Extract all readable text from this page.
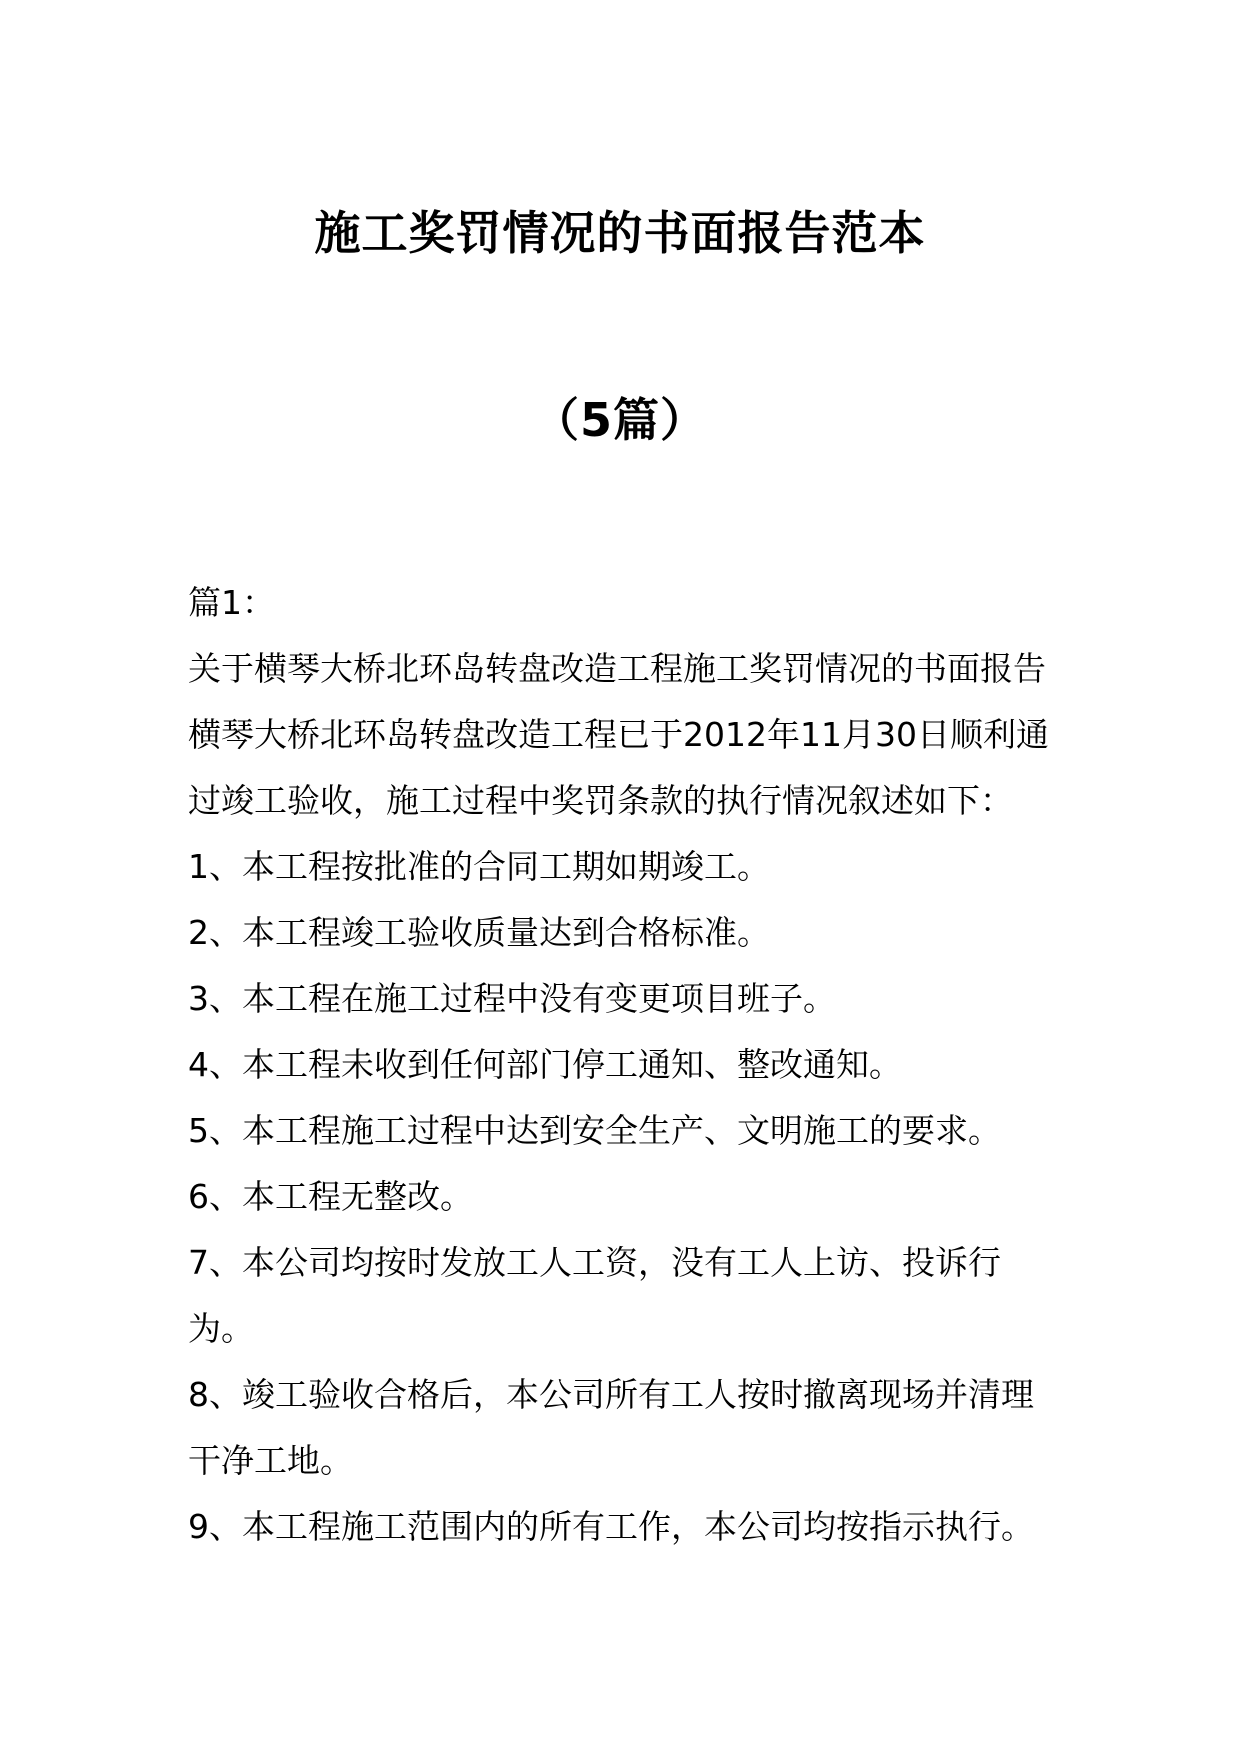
施工奖罚情况的书面报告范本
（5篇）

篇1：

关于横琴大桥北环岛转盘改造工程施工奖罚情况的书面报告

横琴大桥北环岛转盘改造工程已于2012年11月30日顺利通过竣工验收，施工过程中奖罚条款的执行情况叙述如下：

1、本工程按批准的合同工期如期竣工。

2、本工程竣工验收质量达到合格标准。

3、本工程在施工过程中没有变更项目班子。

4、本工程未收到任何部门停工通知、整改通知。

5、本工程施工过程中达到安全生产、文明施工的要求。

6、本工程无整改。

7、本公司均按时发放工人工资，没有工人上访、投诉行为。

8、竣工验收合格后，本公司所有工人按时撤离现场并清理干净工地。

9、本工程施工范围内的所有工作，本公司均按指示执行。
